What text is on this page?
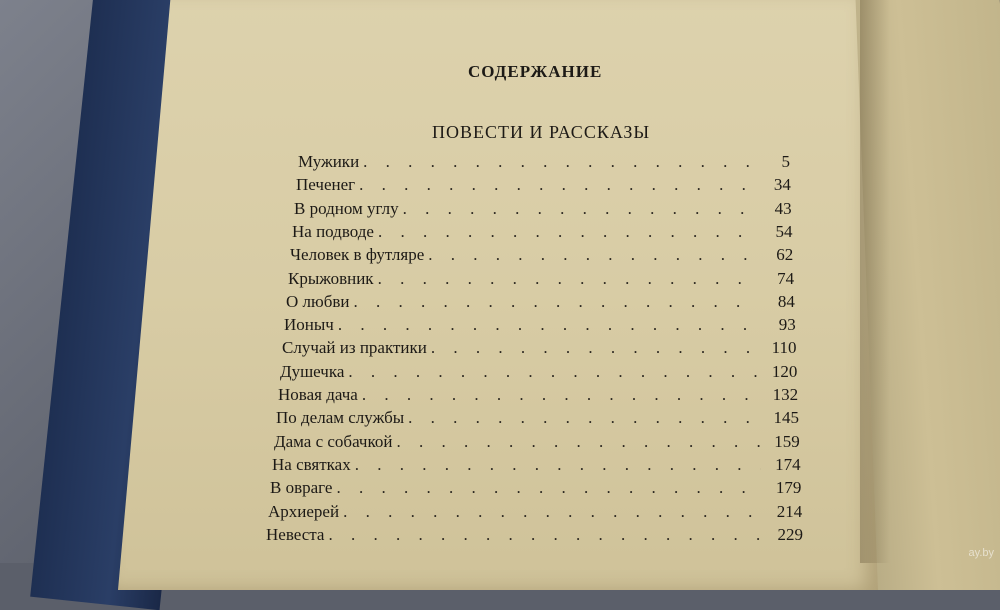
СОДЕРЖАНИЕ
ПОВЕСТИ И РАССКАЗЫ
Мужики . . .	5
Печенег . . .	34
В родном углу . . .	43
На подводе . . .	54
Человек в футляре . . .	62
Крыжовник . . .	74
О любви . . .	84
Ионыч . . .	93
Случай из практики . . .	110
Душечка . . .	120
Новая дача . . .	132
По делам службы . . .	145
Дама с собачкой . . .	159
На святках . . .	174
В овраге . . .	179
Архиерей . . .	214
Невеста . . .	229
ay.by
